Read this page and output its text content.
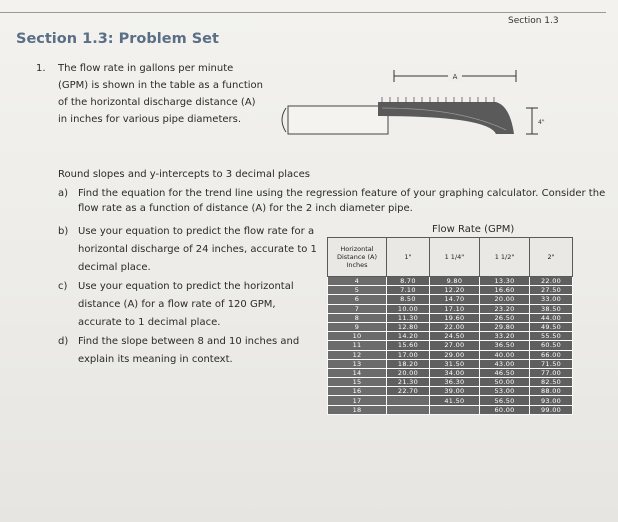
Section 1.3
Section 1.3: Problem Set
1. The flow rate in gallons per minute (GPM) is shown in the table as a function of the horizontal discharge distance (A) in inches for various pipe diameters.
A
4"
Round slopes and y-intercepts to 3 decimal places
a) Find the equation for the trend line using the regression feature of your graphing calculator. Consider the flow rate as a function of distance (A) for the 2 inch diameter pipe.
b) Use your equation to predict the flow rate for a horizontal discharge of 24 inches, accurate to 1 decimal place.
c) Use your equation to predict the horizontal distance (A) for a flow rate of 120 GPM, accurate to 1 decimal place.
d) Find the slope between 8 and 10 inches and explain its meaning in context.
Flow Rate (GPM)
Horizontal Distance (A) Inches	1"	1 1/4"	1 1/2"	2"
4	8.70	9.80	13.30	22.00
5	7.10	12.20	16.60	27.50
6	8.50	14.70	20.00	33.00
7	10.00	17.10	23.20	38.50
8	11.30	19.60	26.50	44.00
9	12.80	22.00	29.80	49.50
10	14.20	24.50	33.20	55.50
11	15.60	27.00	36.50	60.50
12	17.00	29.00	40.00	66.00
13	18.20	31.50	43.00	71.50
14	20.00	34.00	46.50	77.00
15	21.30	36.30	50.00	82.50
16	22.70	39.00	53.00	88.00
17		41.50	56.50	93.00
18			60.00	99.00
